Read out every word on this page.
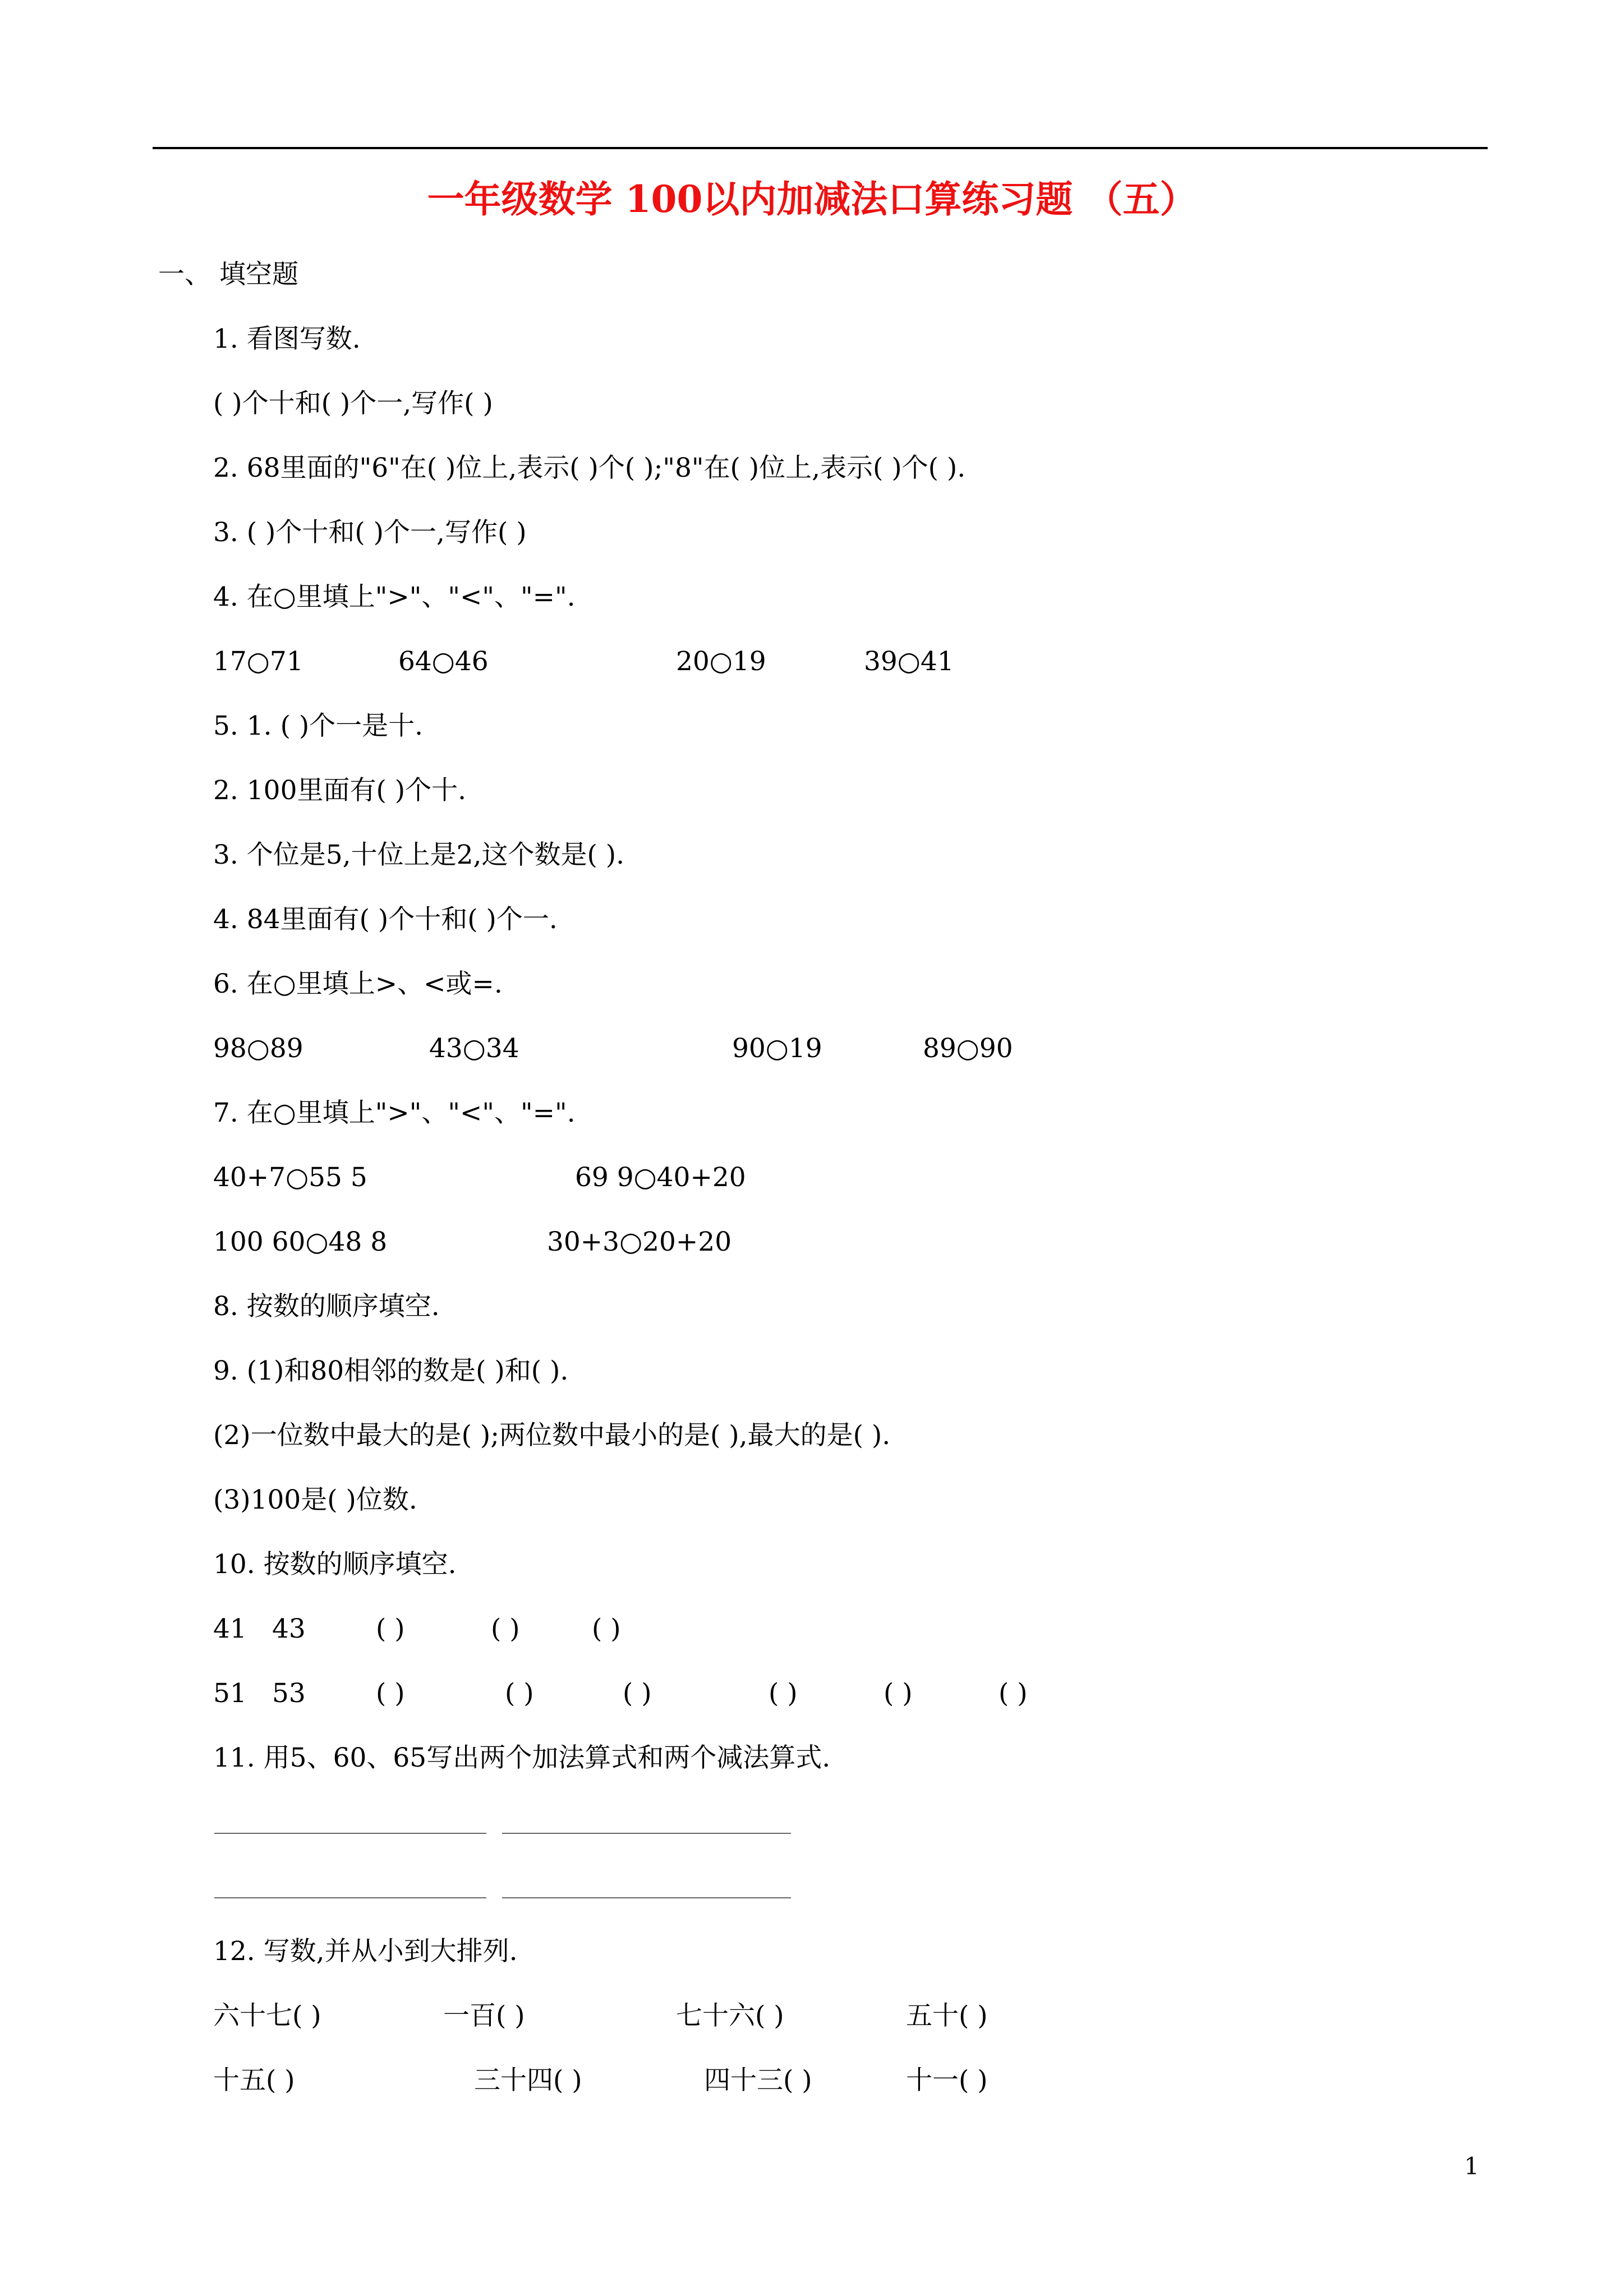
一年级数学 100以内加减法口算练习题 （五）
一、 填空题
1. 看图写数.
( )个十和( )个一,写作( )
2. 68里面的"6"在( )位上,表示( )个( );"8"在( )位上,表示( )个( ).
3. ( )个十和( )个一,写作( )
4. 在○里填上">"、"<"、"=".
17○71	64○46	20○19	39○41
5. 1. ( )个一是十.
2. 100里面有( )个十.
3. 个位是5,十位上是2,这个数是( ).
4. 84里面有( )个十和( )个一.
6. 在○里填上>、<或=.
98○89	43○34	90○19	89○90
7. 在○里填上">"、"<"、"=".
40+7○55 5	69 9○40+20
100 60○48 8	30+3○20+20
8. 按数的顺序填空.
9. (1)和80相邻的数是( )和( ).
(2)一位数中最大的是( );两位数中最小的是( ),最大的是( ).
(3)100是( )位数.
10. 按数的顺序填空.
41 43	( )	( )	( )
51 53	( )	( )	( )	( )	( )	( )
11. 用5、60、65写出两个加法算式和两个减法算式.
12. 写数,并从小到大排列.
六十七( )	一百( )	七十六( )	五十( )
十五( )	三十四( )	四十三( )	十一( )
1
